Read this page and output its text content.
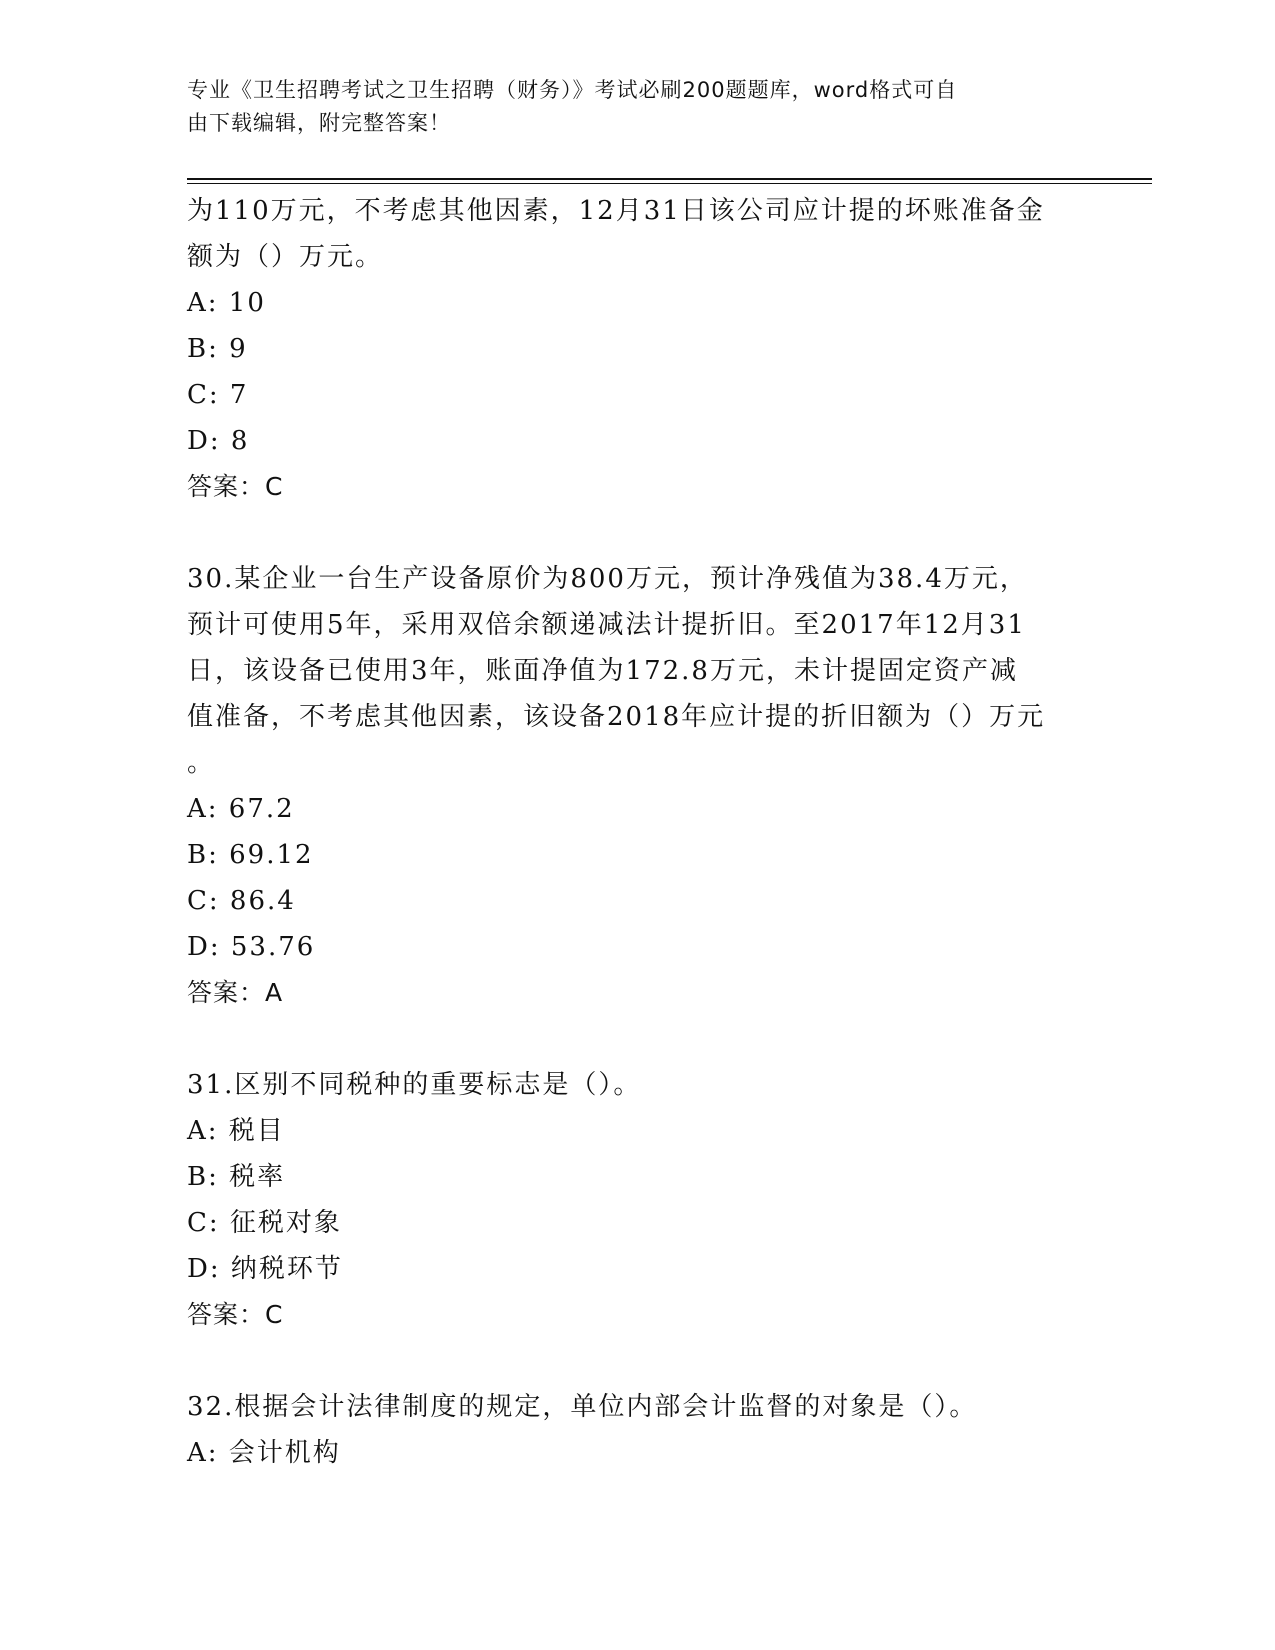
专业《卫生招聘考试之卫生招聘（财务）》考试必刷200题题库，word格式可自
由下载编辑，附完整答案！
为110万元，不考虑其他因素，12月31日该公司应计提的坏账准备金
额为（）万元。
A: 10
B: 9
C: 7
D: 8
答案：C
30.某企业一台生产设备原价为800万元，预计净残值为38.4万元，
预计可使用5年，采用双倍余额递减法计提折旧。至2017年12月31
日，该设备已使用3年，账面净值为172.8万元，未计提固定资产减
值准备，不考虑其他因素，该设备2018年应计提的折旧额为（）万元
。
A: 67.2
B: 69.12
C: 86.4
D: 53.76
答案：A
31.区别不同税种的重要标志是（）。
A: 税目
B: 税率
C: 征税对象
D: 纳税环节
答案：C
32.根据会计法律制度的规定，单位内部会计监督的对象是（）。
A: 会计机构
